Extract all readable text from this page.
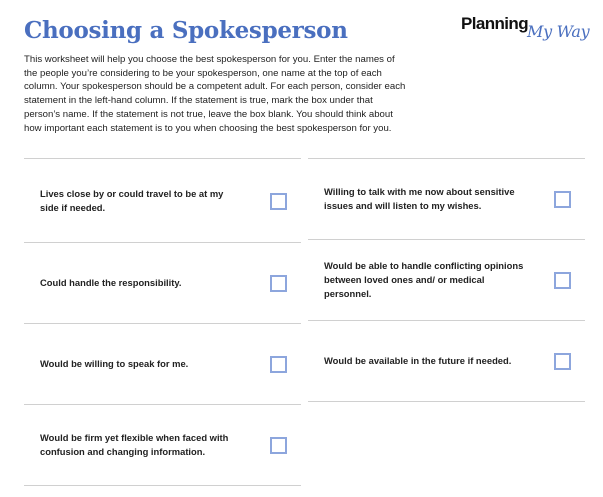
Choosing a Spokesperson	Planning My Way
This worksheet will help you choose the best spokesperson for you. Enter the names of the people you’re considering to be your spokesperson, one name at the top of each column. Your spokesperson should be a competent adult. For each person, consider each statement in the left-hand column. If the statement is true, mark the box under that person’s name. If the statement is not true, leave the box blank. You should think about how important each statement is to you when choosing the best spokesperson for you.
Lives close by or could travel to be at my side if needed.
Could handle the responsibility.
Would be willing to speak for me.
Would be firm yet flexible when faced with confusion and changing information.
Willing to talk with me now about sensitive issues and will listen to my wishes.
Would be able to handle conflicting opinions between loved ones and/ or medical personnel.
Would be available in the future if needed.
